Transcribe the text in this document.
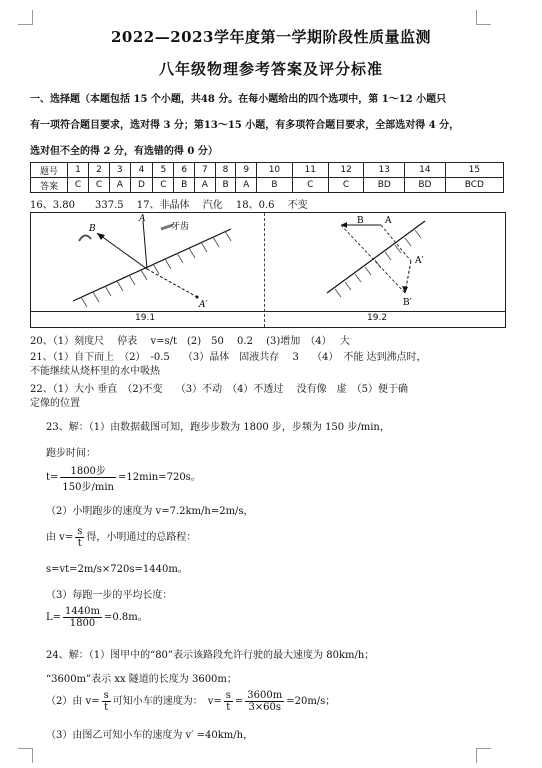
2022—2023学年度第一学期阶段性质量监测
八年级物理参考答案及评分标准
一、选择题（本题包括 15 个小题，共48 分。在每小题给出的四个选项中，第 1～12 小题只
有一项符合题目要求，选对得 3 分；第13～15 小题，有多项符合题目要求，全部选对得 4 分，
选对但不全的得 2 分，有选错的得 0 分）
题号	1	2	3	4	5	6	7	8	9	10	11	12	13	14	15
答案	C	C	A	D	C	B	A	B	A	B	C	C	BD	BD	BCD
16、3.80　　337.5　 17、非晶体　 汽化　 18、0.6　 不变
B
A
A′
牙齿
B A
A′
B′
19.1	19.2
20、（1）刻度尺　 停表　 v=s/t　(2)　50　 0.2　 (3)增加　（4）　 大
21、（1）自下而上　（2）　-0.5　 （3）晶体　固液共存　 3　 （4）　不能 达到沸点时，
不能继续从烧杯里的水中吸热
22、（1）大小 垂直　（2)不变　 （3）不动　（4）不透过　 没有像　虚　（5）便于确
定像的位置
23、解：（1）由数据截图可知，跑步步数为 1800 步，步频为 150 步/min，
跑步时间：
$t= \frac{\text{1800步}}{\text{150步/min}} =12\min=720s$。
（2）小明跑步的速度为 v=7.2km/h=2m/s，
由 $v= \frac{s}{t}$ 得，小明通过的总路程：
s=vt=2m/s×720s=1440m。
（3）每跑一步的平均长度：
$L= \frac{1440m}{1800} =0.8m$。
24、解：（1）图甲中的“80”表示该路段允许行驶的最大速度为 80km/h；
“3600m”表示 xx 隧道的长度为 3600m；
（2）由 $v= \frac{s}{t}$ 可知小车的速度为：　$v= \frac{s}{t} = \frac{3600m}{3\times 60s} =20m/s$；
（3）由图乙可知小车的速度为 v′ =40km/h，
